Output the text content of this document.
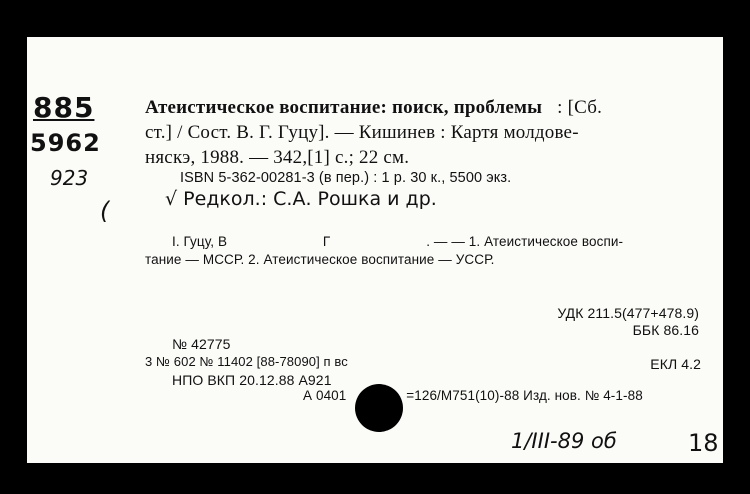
885
5962
923
(
Атеистическое воспитание: поиск, проблемы : [Сб.
ст.] / Сост. В. Г. Гуцу]. — Кишинев : Картя молдове-
няскэ, 1988. — 342,[1] с.; 22 см.
ISBN 5-362-00281-3 (в пер.) : 1 р. 30 к., 5500 экз.
√ Редкол.: С.А. Рошка и др.
I. Гуцу, В	Г	. — — 1. Атеистическое воспи-
тание — МССР. 2. Атеистическое воспитание — УССР.
УДК 211.5(477+478.9)
ББК 86.16
№ 42775
3 № 602 № 11402 [88-78090] п вс	ЕКЛ 4.2
НПО ВКП 20.12.88 А921
А 0401	=126/М751(10)-88 Изд. нов. № 4-1-88
1/III-89 об	18
